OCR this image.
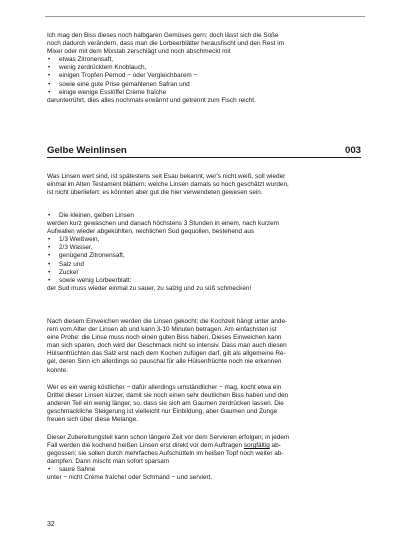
Ich mag den Biss dieses noch halbgaren Gemüses gern; doch lässt sich die Soße
noch dadurch verändern, dass man die Lorbeerblätter herausfischt und den Rest im
Mixer oder mit dem Mixstab zerschlägt und noch abschmeckt mit
• etwas Zitronensaft,
• wenig zerdrücktem Knoblauch,
• einigen Tropfen Pernod − oder Vergleichbarem −
• sowie eine gute Prise gemahlenen Safran und
• einige wenige Esslöffel Crème fraîche
darunterrührt, dies alles nochmals erwärmt und getrennt zum Fisch reicht.
Gelbe Weinlinsen	003
Was Linsen wert sind, ist spätestens seit Esau bekannt; wer's nicht weiß, soll wieder
einmal im Alten Testament blättern: welche Linsen damals so hoch geschätzt wurden,
ist nicht überliefert: es könnten aber gut die hier verwendeten gewesen sein.
• Die kleinen, gelben Linsen
werden kurz gewaschen und danach höchstens 3 Stunden in einem, nach kurzem
Aufwallen wieder abgekühlten, reichlichen Sud gequollen, bestehend aus
• 1/3 Weißwein,
• 2/3 Wasser,
• genügend Zitronensaft,
• Salz und
• Zucker
• sowie wenig Lorbeerblatt:
der Sud muss wieder einmal zu sauer, zu salzig und zu süß schmecken!
Nach diesem Einweichen werden die Linsen gekocht; die Kochzeit hängt unter ande-
rem vom Alter der Linsen ab und kann 3-10 Minuten betragen. Am einfachsten ist
eine Probe: die Linse muss noch einen guten Biss haben. Dieses Einweichen kann
man sich sparen, doch wird der Geschmack nicht so intensiv. Dass man auch diesen
Hülsenfrüchten das Salz erst nach dem Kochen zufügen darf, gilt als allgemeine Re-
gel, deren Sinn ich allerdings so pauschal für alle Hülsenfrüchte noch nie erkennen
konnte.
Wer es ein wenig köstlicher − dafür allerdings umständlicher − mag, kocht etwa ein
Drittel dieser Linsen kürzer, damit sie noch einen sehr deutlichen Biss haben und den
anderen Teil ein wenig länger, so, dass sie sich am Gaumen zerdrücken lassen. Die
geschmackliche Steigerung ist vielleicht nur Einbildung, aber Gaumen und Zunge
freuen sich über diese Melange.
Dieser Zubereitungsteil kann schon längere Zeit vor dem Servieren erfolgen; in jedem
Fall werden die kochend heißen Linsen erst direkt vor dem Auftragen sorgfältig ab-
gegossen; sie sollen durch mehrfaches Aufschütteln im heißen Topf noch weiter ab-
dampfen. Dann mischt man sofort sparsam
• saure Sahne
unter − nicht Crème fraîche! oder Schmand − und serviert.
32
